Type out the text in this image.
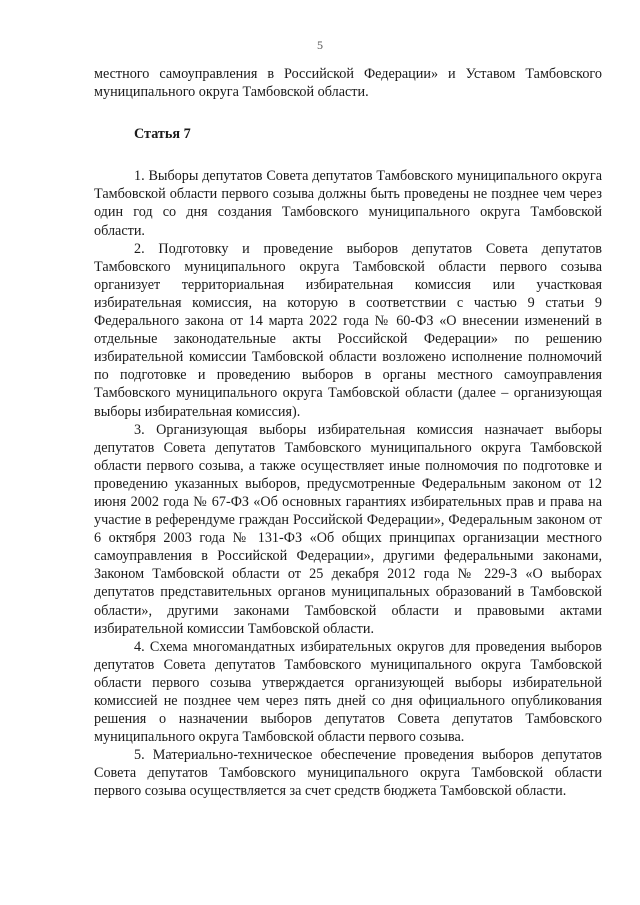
5

местного самоуправления в Российской Федерации» и Уставом Тамбовского муниципального округа Тамбовской области.

Статья 7

1. Выборы депутатов Совета депутатов Тамбовского муниципального округа Тамбовской области первого созыва должны быть проведены не позднее чем через один год со дня создания Тамбовского муниципального округа Тамбовской области.

2. Подготовку и проведение выборов депутатов Совета депутатов Тамбовского муниципального округа Тамбовской области первого созыва организует территориальная избирательная комиссия или участковая избирательная комиссия, на которую в соответствии с частью 9 статьи 9 Федерального закона от 14 марта 2022 года № 60-ФЗ «О внесении изменений в отдельные законодательные акты Российской Федерации» по решению избирательной комиссии Тамбовской области возложено исполнение полномочий по подготовке и проведению выборов в органы местного самоуправления Тамбовского муниципального округа Тамбовской области (далее – организующая выборы избирательная комиссия).

3. Организующая выборы избирательная комиссия назначает выборы депутатов Совета депутатов Тамбовского муниципального округа Тамбовской области первого созыва, а также осуществляет иные полномочия по подготовке и проведению указанных выборов, предусмотренные Федеральным законом от 12 июня 2002 года № 67-ФЗ «Об основных гарантиях избирательных прав и права на участие в референдуме граждан Российской Федерации», Федеральным законом от 6 октября 2003 года № 131-ФЗ «Об общих принципах организации местного самоуправления в Российской Федерации», другими федеральными законами, Законом Тамбовской области от 25 декабря 2012 года № 229-З «О выборах депутатов представительных органов муниципальных образований в Тамбовской области», другими законами Тамбовской области и правовыми актами избирательной комиссии Тамбовской области.

4. Схема многомандатных избирательных округов для проведения выборов депутатов Совета депутатов Тамбовского муниципального округа Тамбовской области первого созыва утверждается организующей выборы избирательной комиссией не позднее чем через пять дней со дня официального опубликования решения о назначении выборов депутатов Совета депутатов Тамбовского муниципального округа Тамбовской области первого созыва.

5. Материально-техническое обеспечение проведения выборов депутатов Совета депутатов Тамбовского муниципального округа Тамбовской области первого созыва осуществляется за счет средств бюджета Тамбовской области.
